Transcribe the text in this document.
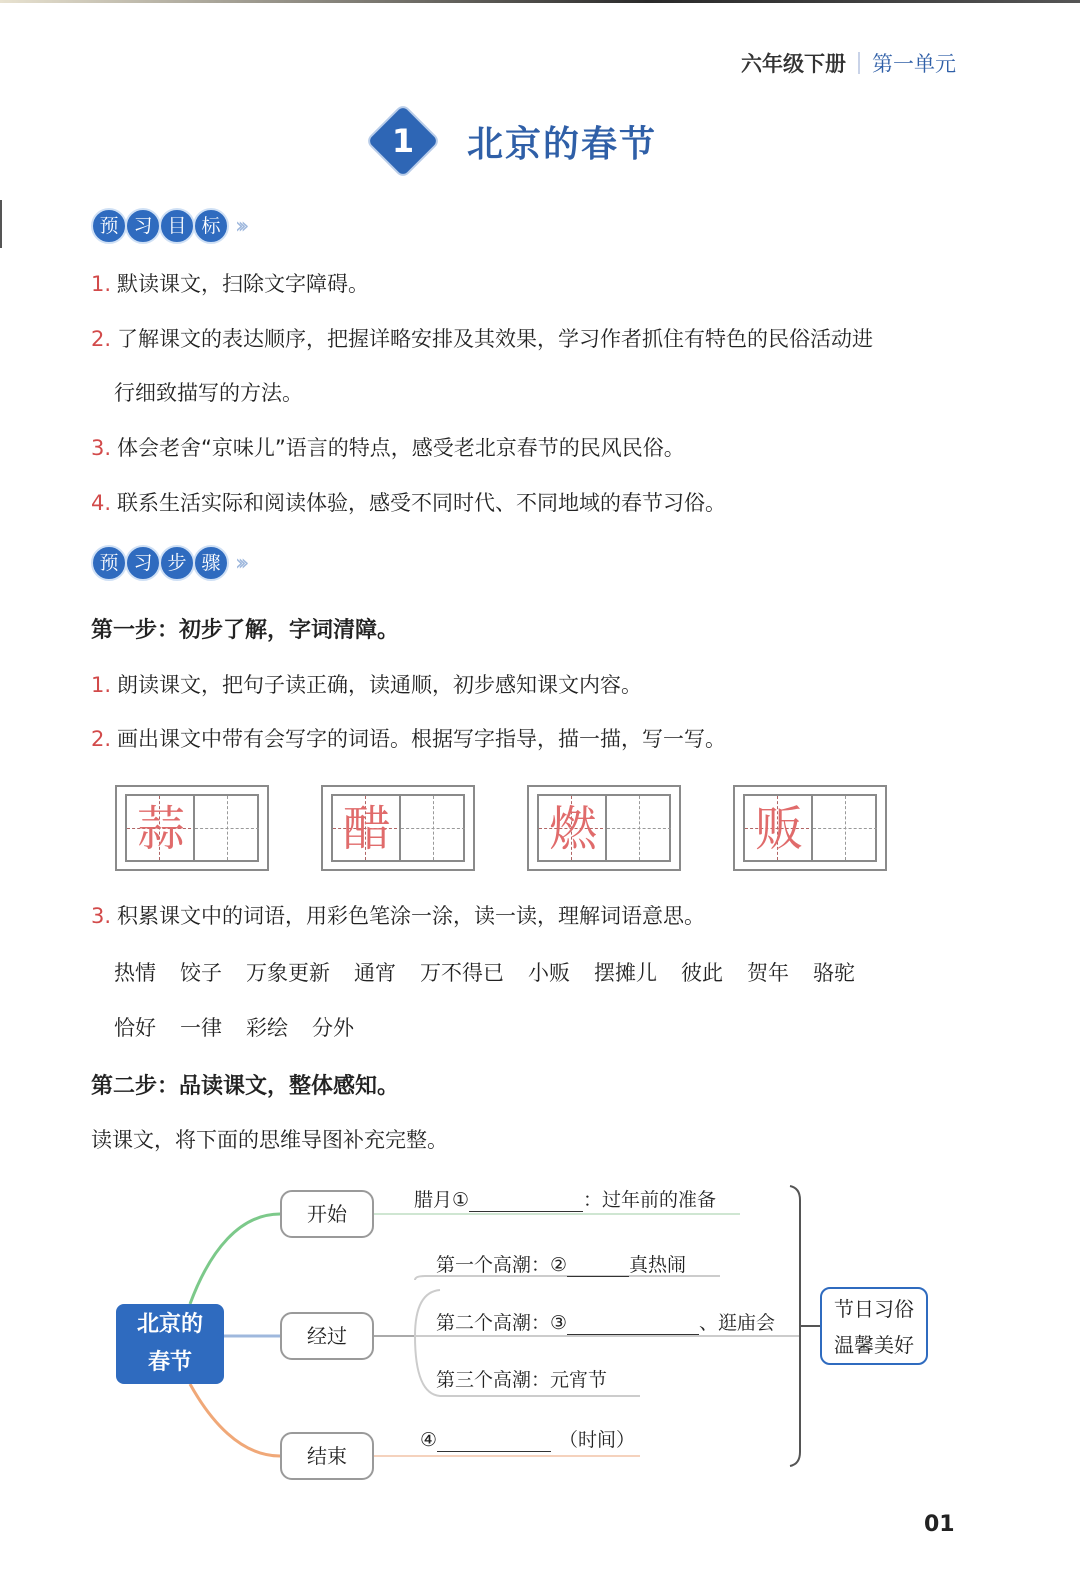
六年级下册 第一单元
1	北京的春节
预 习 目 标 ›››
1. 默读课文，扫除文字障碍。
2. 了解课文的表达顺序，把握详略安排及其效果，学习作者抓住有特色的民俗活动进
行细致描写的方法。
3. 体会老舍“京味儿”语言的特点，感受老北京春节的民风民俗。
4. 联系生活实际和阅读体验，感受不同时代、不同地域的春节习俗。
预 习 步 骤 ›››
第一步：初步了解，字词清障。
1. 朗读课文，把句子读正确，读通顺，初步感知课文内容。
2. 画出课文中带有会写字的词语。根据写字指导，描一描，写一写。
蒜	醋	燃	贩
3. 积累课文中的词语，用彩色笔涂一涂，读一读，理解词语意思。
热情 饺子 万象更新 通宵 万不得已 小贩 摆摊儿 彼此 贺年 骆驼
恰好 一律 彩绘 分外
第二步：品读课文，整体感知。
读课文，将下面的思维导图补充完整。
北京的
春节
开始
经过
结束
腊月①	：过年前的准备
第一个高潮：②	真热闹
第二个高潮：③	、逛庙会
第三个高潮：元宵节
④	（时间）
节日习俗
温馨美好
01
